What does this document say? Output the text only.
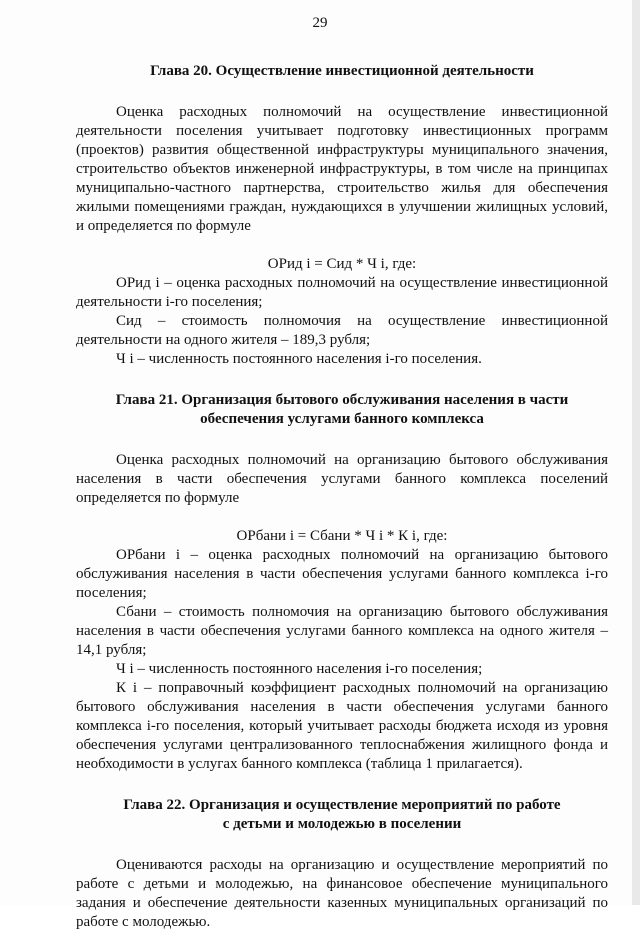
29
Глава 20. Осуществление инвестиционной деятельности

Оценка расходных полномочий на осуществление инвестиционной деятельности поселения учитывает подготовку инвестиционных программ (проектов) развития общественной инфраструктуры муниципального значения, строительство объектов инженерной инфраструктуры, в том числе на принципах муниципально-частного партнерства, строительство жилья для обеспечения жилыми помещениями граждан, нуждающихся в улучшении жилищных условий, и определяется по формуле

ОРид i = Сид * Ч i, где:

ОРид i – оценка расходных полномочий на осуществление инвестиционной деятельности i-го поселения;

Сид – стоимость полномочия на осуществление инвестиционной деятельности на одного жителя – 189,3 рубля;

Ч i – численность постоянного населения i-го поселения.

Глава 21. Организация бытового обслуживания населения в части
обеспечения услугами банного комплекса

Оценка расходных полномочий на организацию бытового обслуживания населения в части обеспечения услугами банного комплекса поселений определяется по формуле

ОРбани i = Сбани * Ч i * К i, где:

ОРбани i – оценка расходных полномочий на организацию бытового обслуживания населения в части обеспечения услугами банного комплекса i-го поселения;

Сбани – стоимость полномочия на организацию бытового обслуживания населения в части обеспечения услугами банного комплекса на одного жителя – 14,1 рубля;

Ч i – численность постоянного населения i-го поселения;

К i – поправочный коэффициент расходных полномочий на организацию бытового обслуживания населения в части обеспечения услугами банного комплекса i-го поселения, который учитывает расходы бюджета исходя из уровня обеспечения услугами централизованного теплоснабжения жилищного фонда и необходимости в услугах банного комплекса (таблица 1 прилагается).

Глава 22. Организация и осуществление мероприятий по работе
с детьми и молодежью в поселении

Оцениваются расходы на организацию и осуществление мероприятий по работе с детьми и молодежью, на финансовое обеспечение муниципального задания и обеспечение деятельности казенных муниципальных организаций по работе с молодежью.
